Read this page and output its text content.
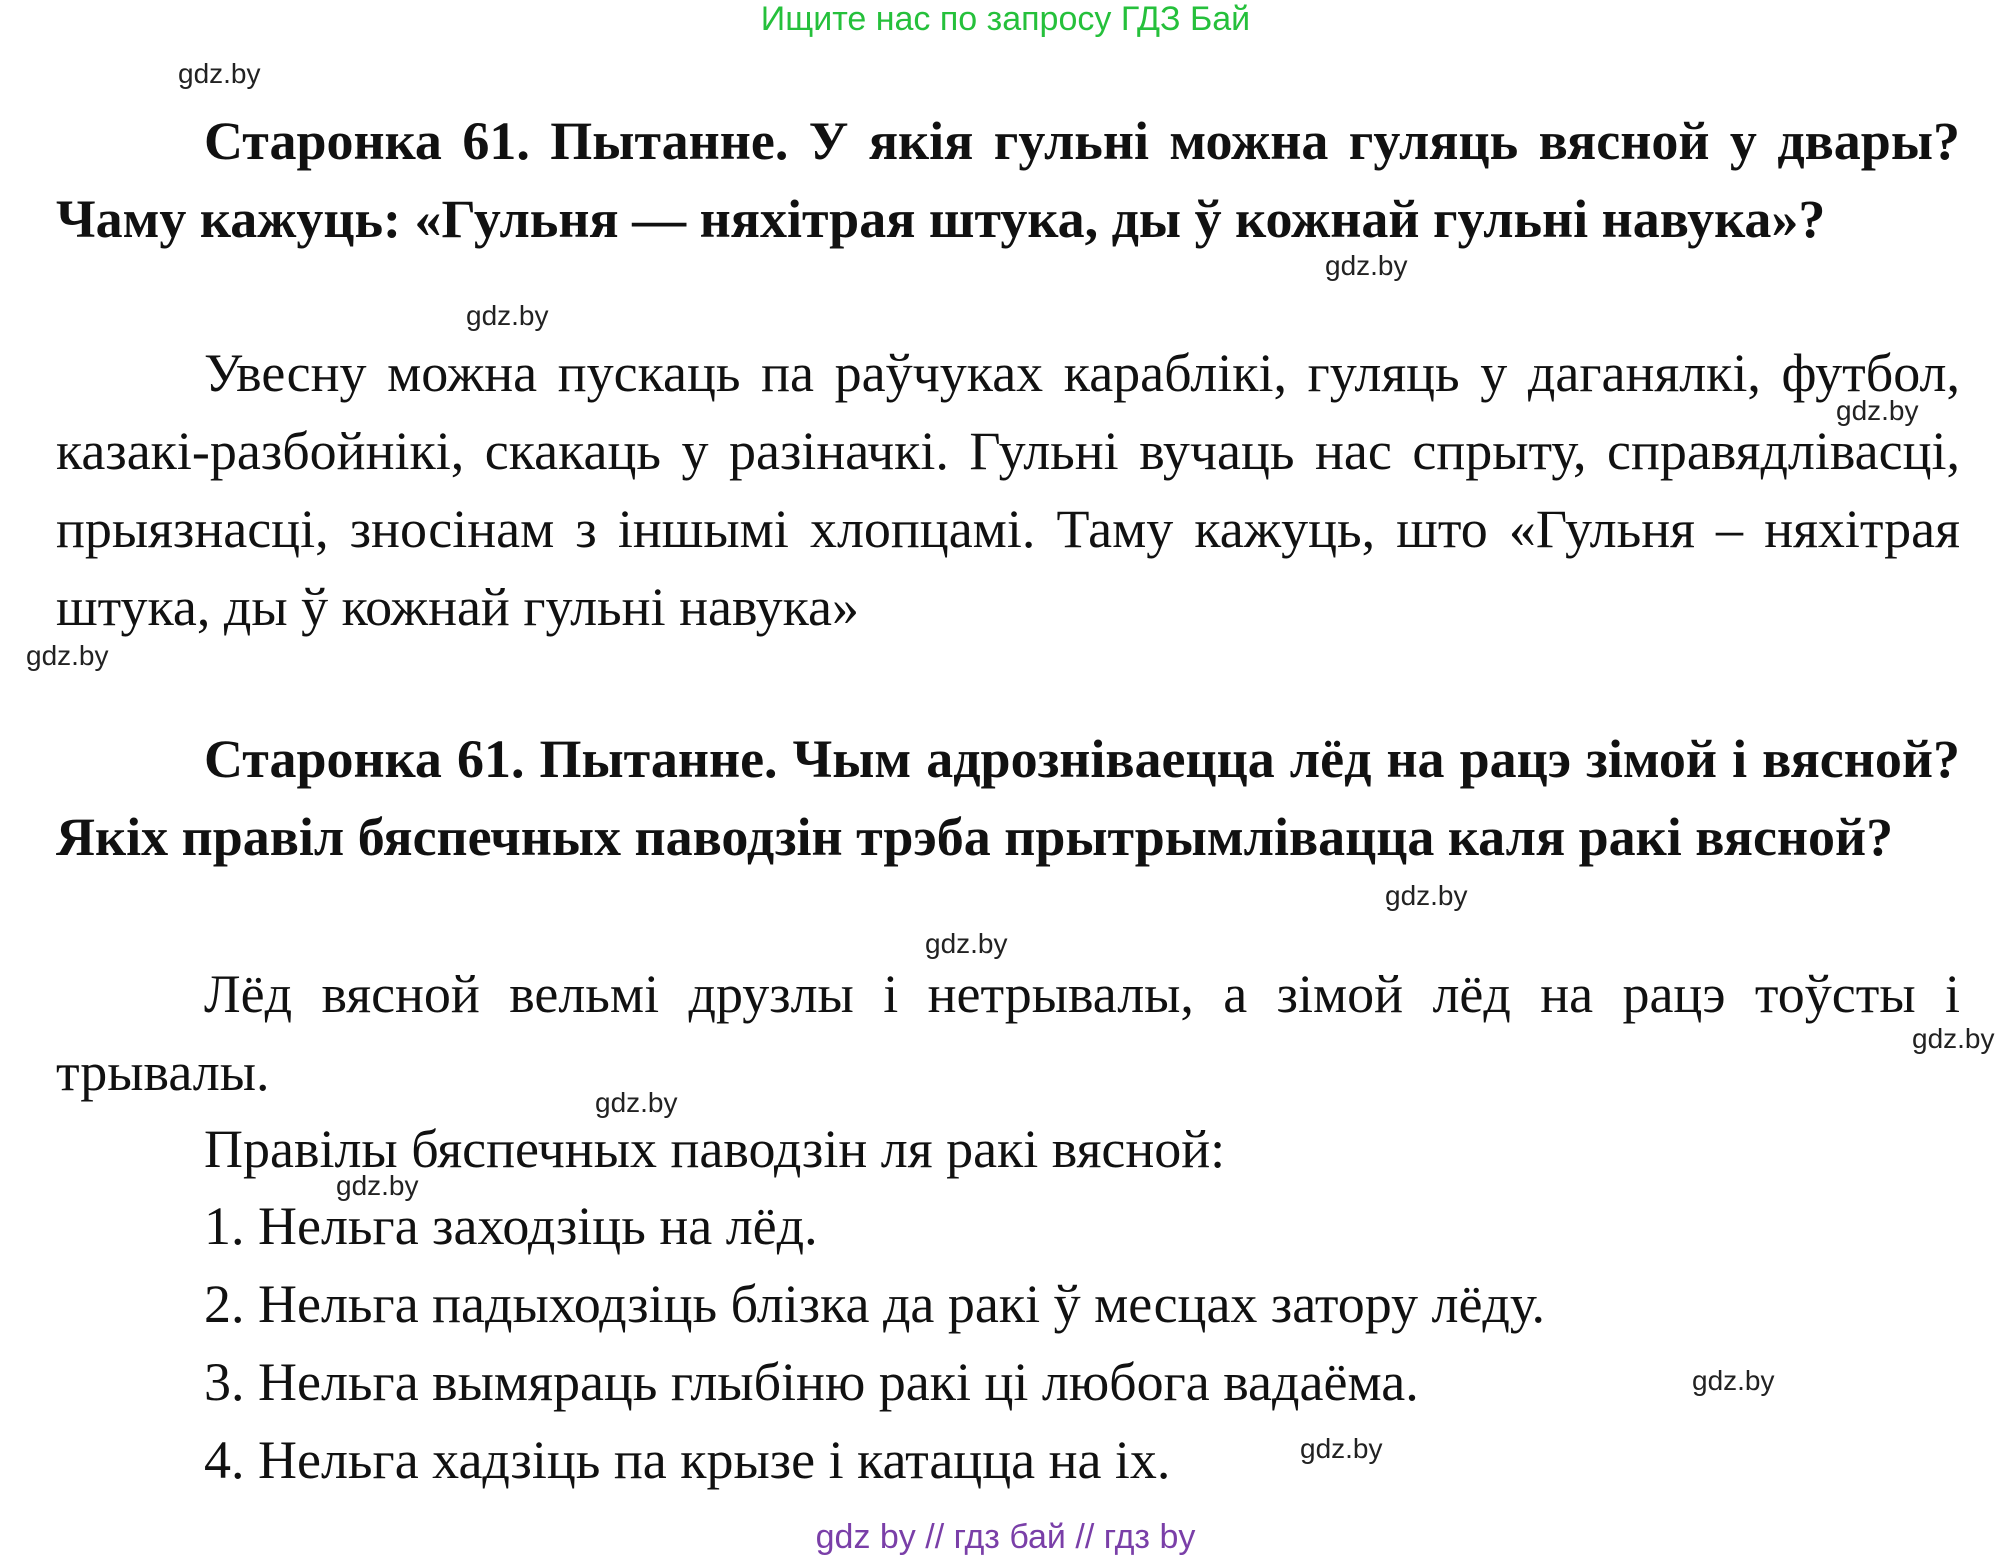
Ищите нас по запросу ГДЗ Бай
gdz.by
Старонка 61. Пытанне. У якія гульні можна гуляць вясной у двары? Чаму кажуць: «Гульня — няхітрая штука, ды ў кожнай гульні навука»?
gdz.by
gdz.by
Увесну можна пускаць па раўчуках караблікі, гуляць у даганялкі, футбол, казакі-разбойнікі, скакаць у разіначкі. Гульні вучаць нас спрыту, справядлівасці, прыязнасці, зносінам з іншымі хлопцамі. Таму кажуць, што «Гульня – няхітрая штука, ды ў кожнай гульні навука»
gdz.by
gdz.by
Старонка 61. Пытанне. Чым адрозніваецца лёд на рацэ зімой і вясной? Якіх правіл бяспечных паводзін трэба прытрымлівацца каля ракі вясной?
gdz.by
gdz.by
Лёд вясной вельмі друзлы і нетрывалы, а зімой лёд на рацэ тоўсты і трывалы.
gdz.by
gdz.by
Правілы бяспечных паводзін ля ракі вясной:
gdz.by
1. Нельга заходзіць на лёд.
2. Нельга падыходзіць блізка да ракі ў месцах затору лёду.
3. Нельга вымяраць глыбіню ракі ці любога вадаёма.	gdz.by
4. Нельга хадзіць па крызе і катацца на іх.	gdz.by
gdz by // гдз бай // гдз by
